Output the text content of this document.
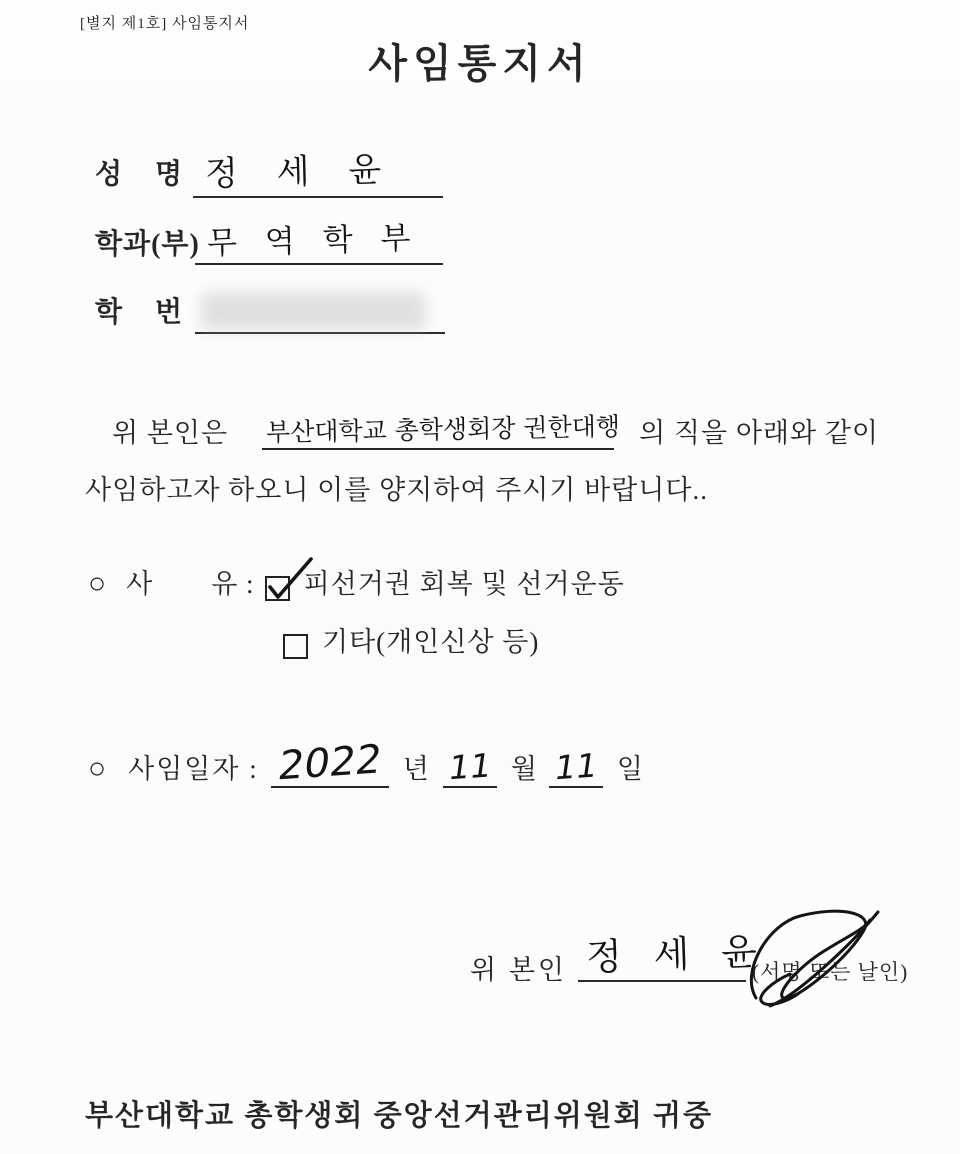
[별지 제1호] 사임통지서
사임통지서
성    명 정 세 윤
학과(부) 무 역 학 부
학    번
위 본인은 부산대학교 총학생회장 권한대행 의 직을 아래와 같이
사임하고자 하오니 이를 양지하여 주시기 바랍니다..
○ 사 유 : 피선거권 회복 및 선거운동
기타(개인신상 등)
○ 사임일자 : 2022 년 11 월 11 일
위 본인 정 세 윤
(서명 또는 날인)
부산대학교 총학생회 중앙선거관리위원회 귀중
